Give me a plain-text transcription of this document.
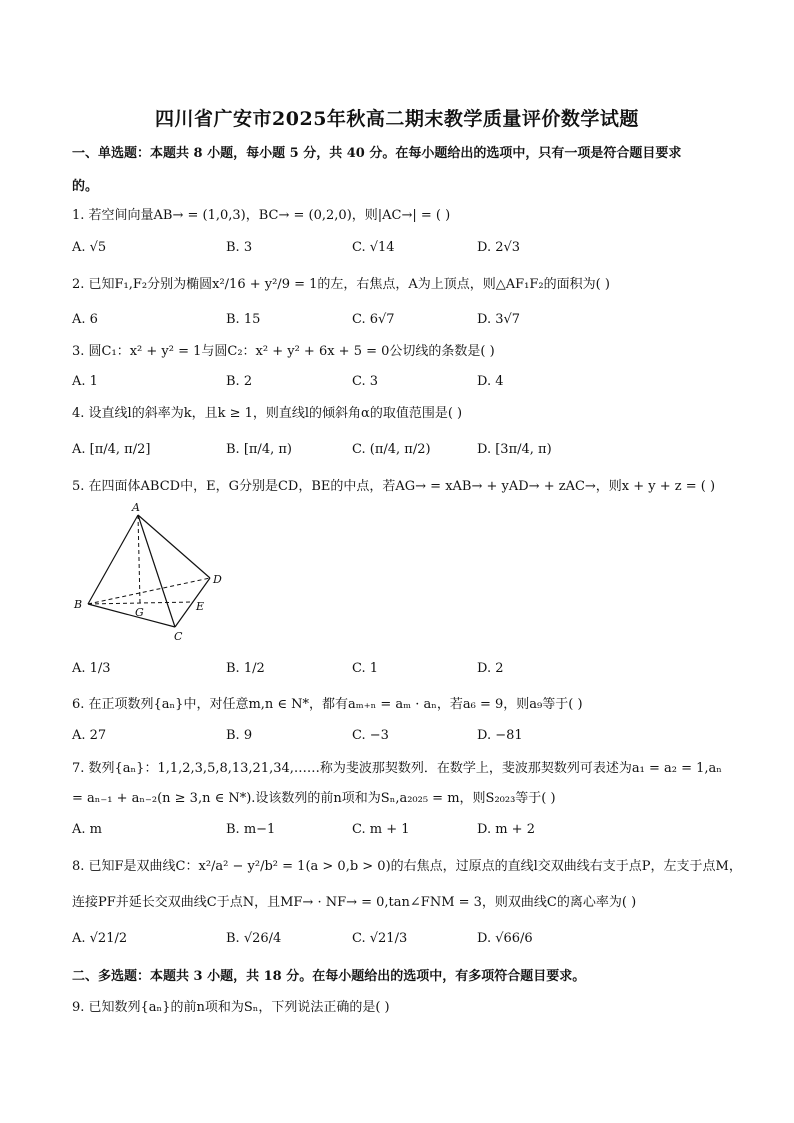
四川省广安市2025年秋高二期末教学质量评价数学试题
一、单选题：本题共 8 小题，每小题 5 分，共 40 分。在每小题给出的选项中，只有一项是符合题目要求
的。
1. 若空间向量AB→ = (1,0,3)，BC→ = (0,2,0)，则|AC→| = ( )
A. √5	B. 3	C. √14	D. 2√3
2. 已知F₁,F₂分别为椭圆x²/16 + y²/9 = 1的左，右焦点，A为上顶点，则△AF₁F₂的面积为( )
A. 6	B. 15	C. 6√7	D. 3√7
3. 圆C₁：x² + y² = 1与圆C₂：x² + y² + 6x + 5 = 0公切线的条数是( )
A. 1	B. 2	C. 3	D. 4
4. 设直线l的斜率为k，且k ≥ 1，则直线l的倾斜角α的取值范围是( )
A. [π/4, π/2]	B. [π/4, π)	C. (π/4, π/2)	D. [3π/4, π)
5. 在四面体ABCD中，E，G分别是CD，BE的中点，若AG→ = xAB→ + yAD→ + zAC→，则x + y + z = ( )
A
B
C
D
E
G
A. 1/3	B. 1/2	C. 1	D. 2
6. 在正项数列{aₙ}中，对任意m,n ∈ N*，都有aₘ₊ₙ = aₘ · aₙ，若a₆ = 9，则a₉等于( )
A. 27	B. 9	C. −3	D. −81
7. 数列{aₙ}：1,1,2,3,5,8,13,21,34,……称为斐波那契数列．在数学上，斐波那契数列可表述为a₁ = a₂ = 1,aₙ
= aₙ₋₁ + aₙ₋₂(n ≥ 3,n ∈ N*).设该数列的前n项和为Sₙ,a₂₀₂₅ = m，则S₂₀₂₃等于( )
A. m	B. m−1	C. m + 1	D. m + 2
8. 已知F是双曲线C：x²/a² − y²/b² = 1(a > 0,b > 0)的右焦点，过原点的直线l交双曲线右支于点P，左支于点M，
连接PF并延长交双曲线C于点N，且MF→ · NF→ = 0,tan∠FNM = 3，则双曲线C的离心率为( )
A. √21/2	B. √26/4	C. √21/3	D. √66/6
二、多选题：本题共 3 小题，共 18 分。在每小题给出的选项中，有多项符合题目要求。
9. 已知数列{aₙ}的前n项和为Sₙ，下列说法正确的是( )
